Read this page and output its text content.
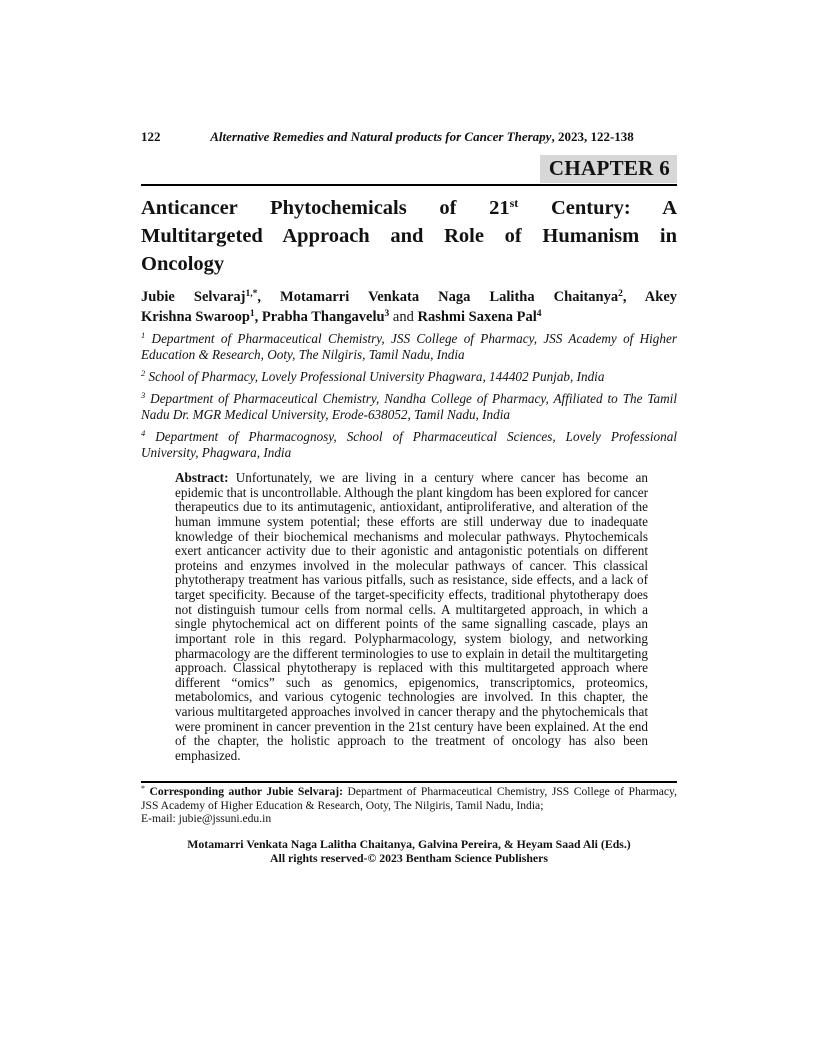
122	Alternative Remedies and Natural products for Cancer Therapy, 2023, 122-138
CHAPTER 6
Anticancer Phytochemicals of 21st Century: A
Multitargeted Approach and Role of Humanism in
Oncology
Jubie Selvaraj$^{1,*}$, Motamarri Venkata Naga Lalitha Chaitanya$^2$, Akey
Krishna Swaroop$^1$, Prabha Thangavelu$^3$ and Rashmi Saxena Pal$^4$

$^1$ Department of Pharmaceutical Chemistry, JSS College of Pharmacy, JSS Academy of Higher Education & Research, Ooty, The Nilgiris, Tamil Nadu, India

$^2$ School of Pharmacy, Lovely Professional University Phagwara, 144402 Punjab, India

$^3$ Department of Pharmaceutical Chemistry, Nandha College of Pharmacy, Affiliated to The Tamil Nadu Dr. MGR Medical University, Erode-638052, Tamil Nadu, India

$^4$ Department of Pharmacognosy, School of Pharmaceutical Sciences, Lovely Professional University, Phagwara, India

Abstract: Unfortunately, we are living in a century where cancer has become an epidemic that is uncontrollable. Although the plant kingdom has been explored for cancer therapeutics due to its antimutagenic, antioxidant, antiproliferative, and alteration of the human immune system potential; these efforts are still underway due to inadequate knowledge of their biochemical mechanisms and molecular pathways. Phytochemicals exert anticancer activity due to their agonistic and antagonistic potentials on different proteins and enzymes involved in the molecular pathways of cancer. This classical phytotherapy treatment has various pitfalls, such as resistance, side effects, and a lack of target specificity. Because of the target-specificity effects, traditional phytotherapy does not distinguish tumour cells from normal cells. A multitargeted approach, in which a single phytochemical act on different points of the same signalling cascade, plays an important role in this regard. Polypharmacology, system biology, and networking pharmacology are the different terminologies to use to explain in detail the multitargeting approach. Classical phytotherapy is replaced with this multitargeted approach where different “omics” such as genomics, epigenomics, transcriptomics, proteomics, metabolomics, and various cytogenic technologies are involved. In this chapter, the various multitargeted approaches involved in cancer therapy and the phytochemicals that were prominent in cancer prevention in the 21st century have been explained. At the end of the chapter, the holistic approach to the treatment of oncology has also been emphasized.

* Corresponding author Jubie Selvaraj: Department of Pharmaceutical Chemistry, JSS College of Pharmacy, JSS Academy of Higher Education & Research, Ooty, The Nilgiris, Tamil Nadu, India;
E-mail: jubie@jssuni.edu.in

Motamarri Venkata Naga Lalitha Chaitanya, Galvina Pereira, & Heyam Saad Ali (Eds.)
All rights reserved-© 2023 Bentham Science Publishers
